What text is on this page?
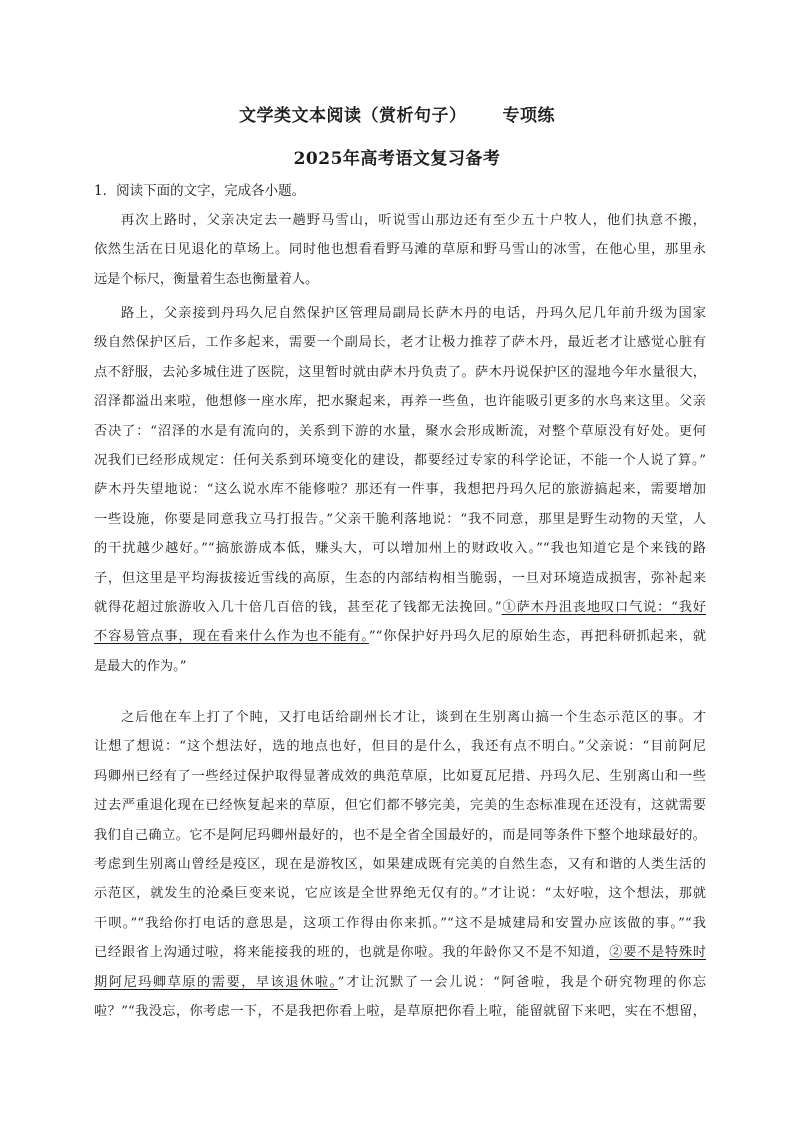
文学类文本阅读（赏析句子） 专项练
2025年高考语文复习备考
1．阅读下面的文字，完成各小题。
再次上路时，父亲决定去一趟野马雪山，听说雪山那边还有至少五十户牧人，他们执意不搬，
依然生活在日见退化的草场上。同时他也想看看野马滩的草原和野马雪山的冰雪，在他心里，那里永
远是个标尺，衡量着生态也衡量着人。
路上，父亲接到丹玛久尼自然保护区管理局副局长萨木丹的电话，丹玛久尼几年前升级为国家
级自然保护区后，工作多起来，需要一个副局长，老才让极力推荐了萨木丹，最近老才让感觉心脏有
点不舒服，去沁多城住进了医院，这里暂时就由萨木丹负责了。萨木丹说保护区的湿地今年水量很大，
沼泽都溢出来啦，他想修一座水库，把水聚起来，再养一些鱼，也许能吸引更多的水鸟来这里。父亲
否决了：“沼泽的水是有流向的，关系到下游的水量，聚水会形成断流，对整个草原没有好处。更何
况我们已经形成规定：任何关系到环境变化的建设，都要经过专家的科学论证，不能一个人说了算。”
萨木丹失望地说：“这么说水库不能修啦？那还有一件事，我想把丹玛久尼的旅游搞起来，需要增加
一些设施，你要是同意我立马打报告。”父亲干脆利落地说：“我不同意，那里是野生动物的天堂，人
的干扰越少越好。”“搞旅游成本低，赚头大，可以增加州上的财政收入。”“我也知道它是个来钱的路
子，但这里是平均海拔接近雪线的高原，生态的内部结构相当脆弱，一旦对环境造成损害，弥补起来
就得花超过旅游收入几十倍几百倍的钱，甚至花了钱都无法挽回。”①萨木丹沮丧地叹口气说：“我好
不容易管点事，现在看来什么作为也不能有。”“你保护好丹玛久尼的原始生态，再把科研抓起来，就
是最大的作为。”
之后他在车上打了个盹，又打电话给副州长才让，谈到在生别离山搞一个生态示范区的事。才
让想了想说：“这个想法好，选的地点也好，但目的是什么，我还有点不明白。”父亲说：“目前阿尼
玛卿州已经有了一些经过保护取得显著成效的典范草原，比如夏瓦尼措、丹玛久尼、生别离山和一些
过去严重退化现在已经恢复起来的草原，但它们都不够完美，完美的生态标准现在还没有，这就需要
我们自己确立。它不是阿尼玛卿州最好的，也不是全省全国最好的，而是同等条件下整个地球最好的。
考虑到生别离山曾经是疫区，现在是游牧区，如果建成既有完美的自然生态，又有和谐的人类生活的
示范区，就发生的沧桑巨变来说，它应该是全世界绝无仅有的。”才让说：“太好啦，这个想法，那就
干呗。”“我给你打电话的意思是，这项工作得由你来抓。”“这不是城建局和安置办应该做的事。”“我
已经跟省上沟通过啦，将来能接我的班的，也就是你啦。我的年龄你又不是不知道，②要不是特殊时
期阿尼玛卿草原的需要，早该退休啦。”才让沉默了一会儿说：“阿爸啦，我是个研究物理的你忘
啦？”“我没忘，你考虑一下，不是我把你看上啦，是草原把你看上啦，能留就留下来吧，实在不想留，
